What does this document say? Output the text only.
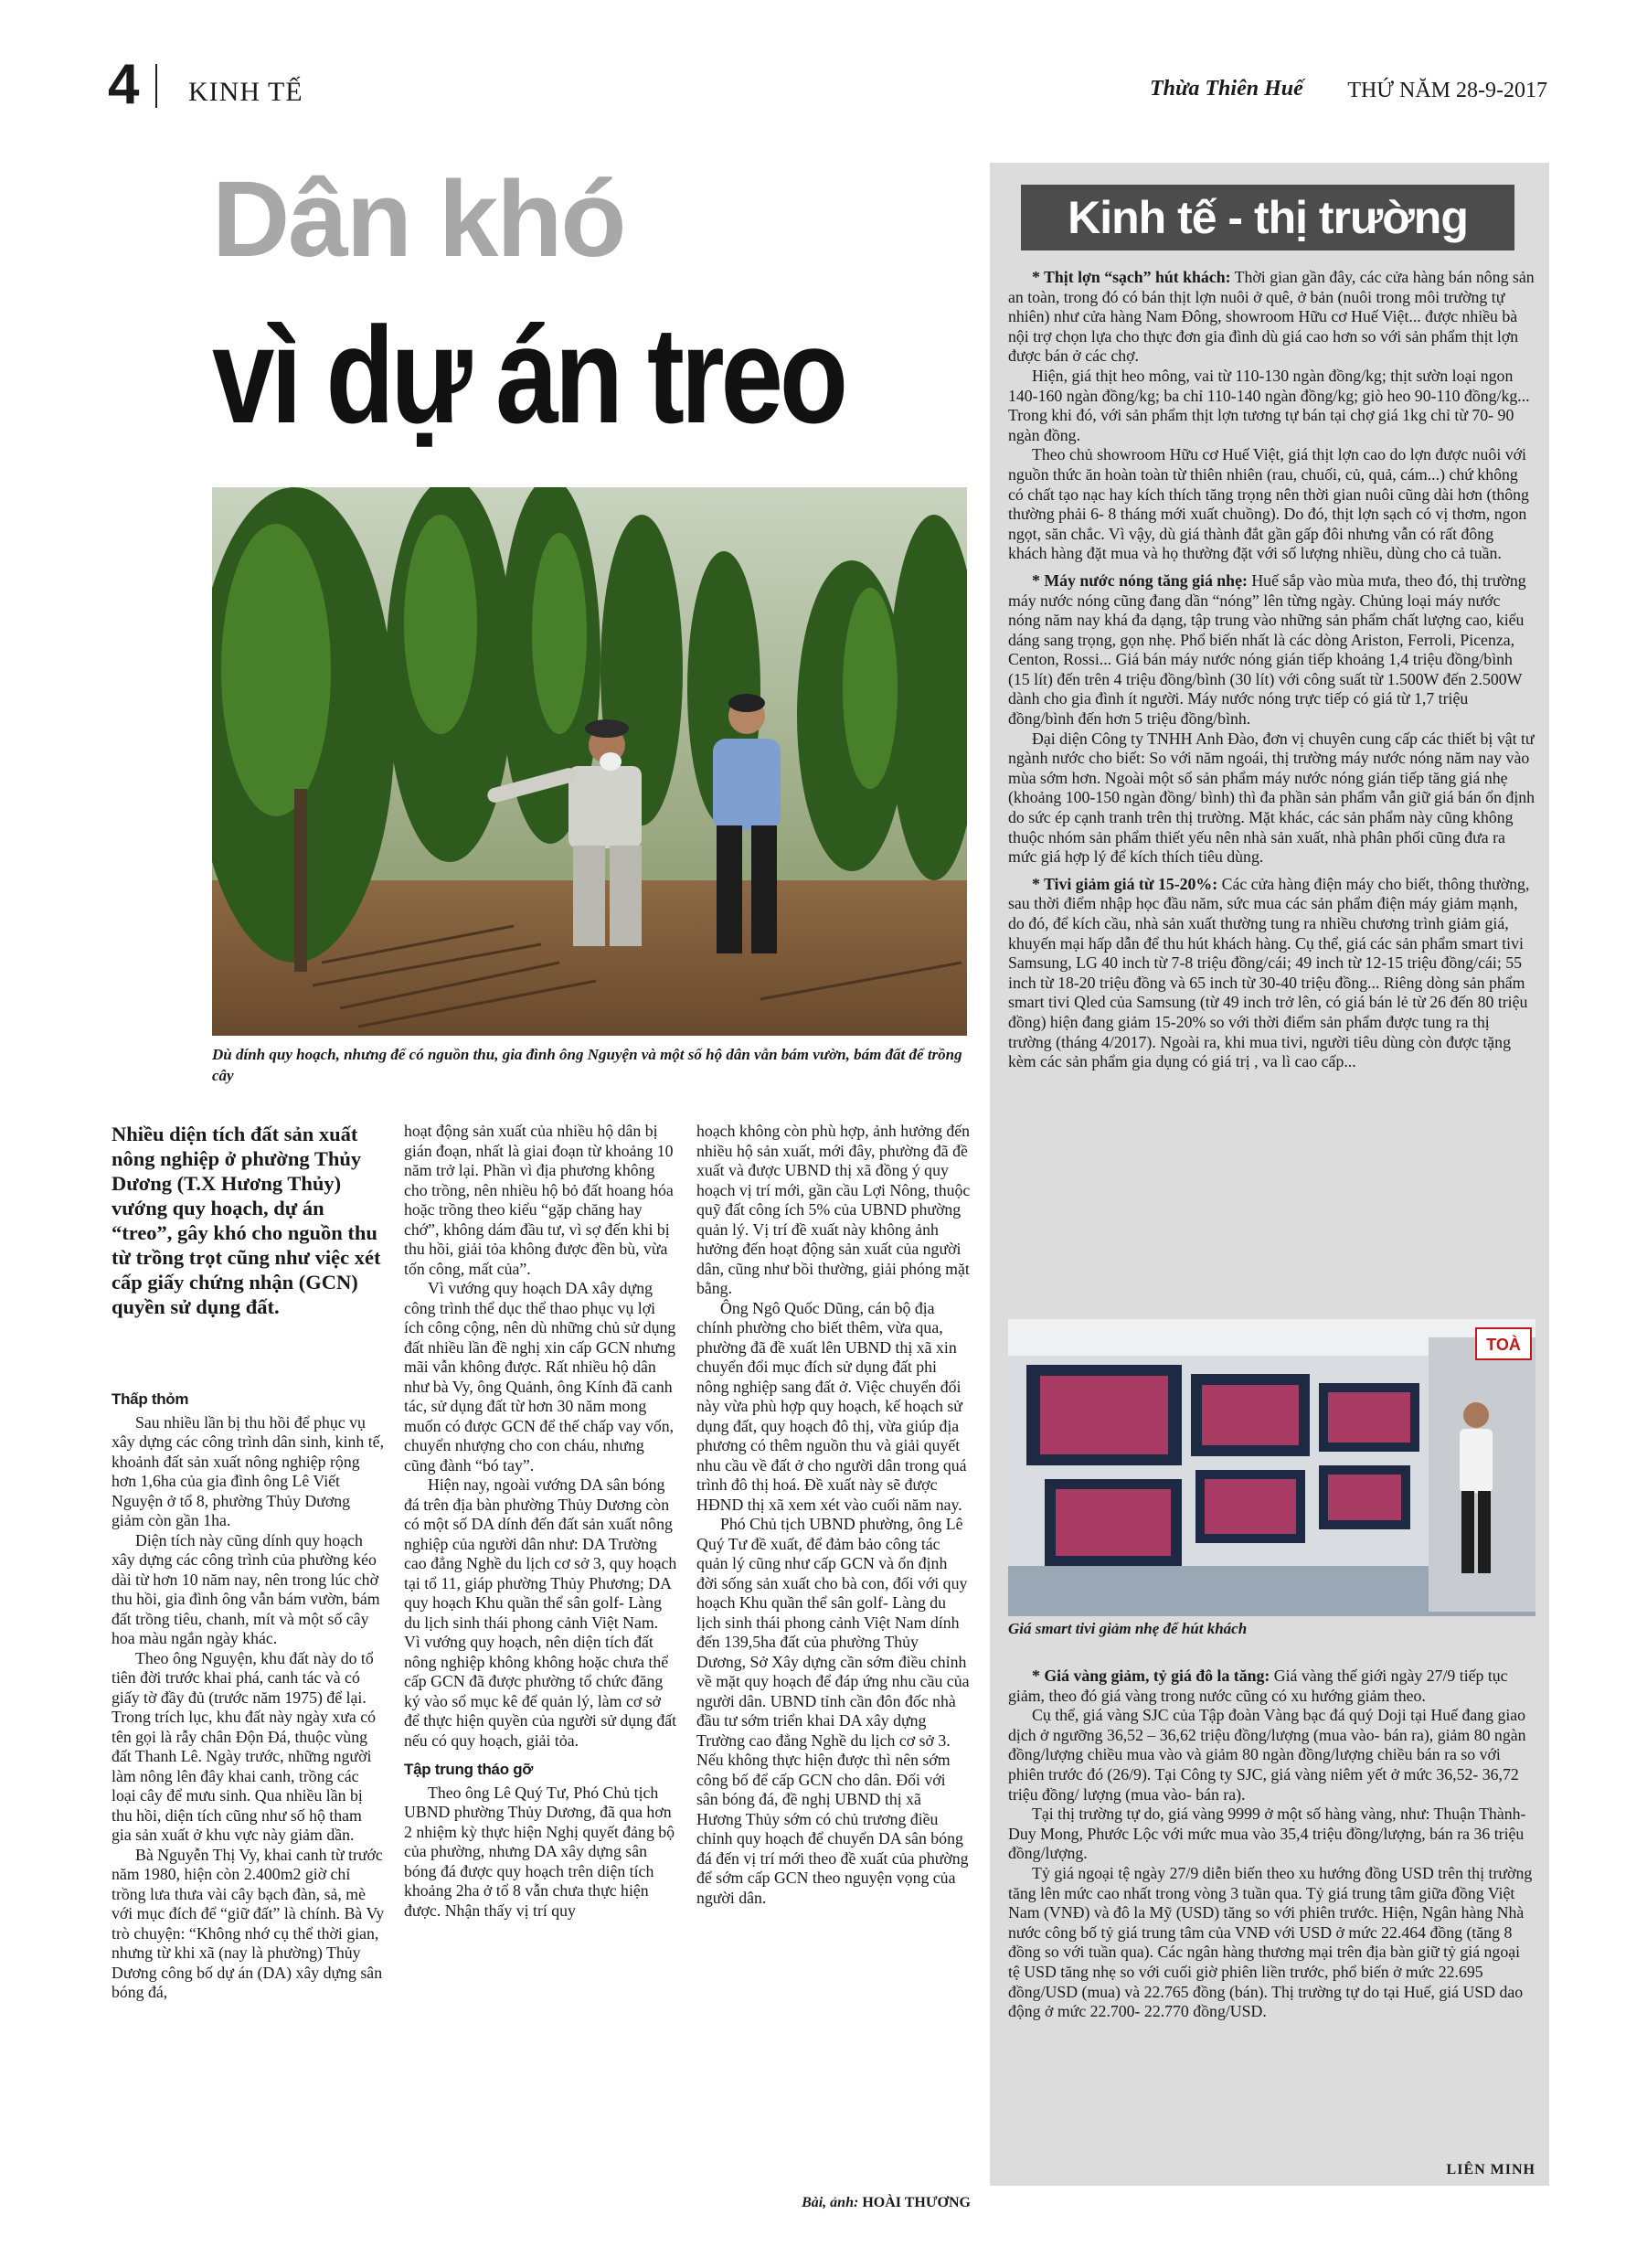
4 KINH TẾ	Thừa Thiên Huế THỨ NĂM 28-9-2017
Dân khó
vì dự án treo
Dù dính quy hoạch, nhưng để có nguồn thu, gia đình ông Nguyện và một số hộ dân vẫn bám vườn, bám đất để trồng cây
Nhiều diện tích đất sản xuất nông nghiệp ở phường Thủy Dương (T.X Hương Thủy) vướng quy hoạch, dự án “treo”, gây khó cho nguồn thu từ trồng trọt cũng như việc xét cấp giấy chứng nhận (GCN) quyền sử dụng đất.
Thấp thỏm

Sau nhiều lần bị thu hồi để phục vụ xây dựng các công trình dân sinh, kinh tế, khoảnh đất sản xuất nông nghiệp rộng hơn 1,6ha của gia đình ông Lê Viết Nguyện ở tổ 8, phường Thủy Dương giảm còn gần 1ha.

Diện tích này cũng dính quy hoạch xây dựng các công trình của phường kéo dài từ hơn 10 năm nay, nên trong lúc chờ thu hồi, gia đình ông vẫn bám vườn, bám đất trồng tiêu, chanh, mít và một số cây hoa màu ngắn ngày khác.

Theo ông Nguyện, khu đất này do tổ tiên đời trước khai phá, canh tác và có giấy tờ đầy đủ (trước năm 1975) để lại. Trong trích lục, khu đất này ngày xưa có tên gọi là rẫy chân Độn Đá, thuộc vùng đất Thanh Lê. Ngày trước, những người làm nông lên đây khai canh, trồng các loại cây để mưu sinh. Qua nhiều lần bị thu hồi, diện tích cũng như số hộ tham gia sản xuất ở khu vực này giảm dần.

Bà Nguyễn Thị Vy, khai canh từ trước năm 1980, hiện còn 2.400m2 giờ chỉ trồng lưa thưa vài cây bạch đàn, sả, mè với mục đích để “giữ đất” là chính. Bà Vy trò chuyện: “Không nhớ cụ thể thời gian, nhưng từ khi xã (nay là phường) Thủy Dương công bố dự án (DA) xây dựng sân bóng đá,

hoạt động sản xuất của nhiều hộ dân bị gián đoạn, nhất là giai đoạn từ khoảng 10 năm trở lại. Phần vì địa phương không cho trồng, nên nhiều hộ bỏ đất hoang hóa hoặc trồng theo kiểu “gặp chăng hay chớ”, không dám đầu tư, vì sợ đến khi bị thu hồi, giải tỏa không được đền bù, vừa tốn công, mất của”.

Vì vướng quy hoạch DA xây dựng công trình thể dục thể thao phục vụ lợi ích công cộng, nên dù những chủ sử dụng đất nhiều lần đề nghị xin cấp GCN nhưng mãi vẫn không được. Rất nhiều hộ dân như bà Vy, ông Quảnh, ông Kính đã canh tác, sử dụng đất từ hơn 30 năm mong muốn có được GCN để thế chấp vay vốn, chuyển nhượng cho con cháu, nhưng cũng đành “bó tay”.

Hiện nay, ngoài vướng DA sân bóng đá trên địa bàn phường Thủy Dương còn có một số DA dính đến đất sản xuất nông nghiệp của người dân như: DA Trường cao đẳng Nghề du lịch cơ sở 3, quy hoạch tại tổ 11, giáp phường Thủy Phương; DA quy hoạch Khu quần thể sân golf- Làng du lịch sinh thái phong cảnh Việt Nam. Vì vướng quy hoạch, nên diện tích đất nông nghiệp không không hoặc chưa thể cấp GCN đã được phường tổ chức đăng ký vào sổ mục kê để quản lý, làm cơ sở để thực hiện quyền của người sử dụng đất nếu có quy hoạch, giải tỏa.

Tập trung tháo gỡ

Theo ông Lê Quý Tư, Phó Chủ tịch UBND phường Thủy Dương, đã qua hơn 2 nhiệm kỳ thực hiện Nghị quyết đảng bộ của phường, nhưng DA xây dựng sân bóng đá được quy hoạch trên diện tích khoảng 2ha ở tổ 8 vẫn chưa thực hiện được. Nhận thấy vị trí quy

hoạch không còn phù hợp, ảnh hưởng đến nhiều hộ sản xuất, mới đây, phường đã đề xuất và được UBND thị xã đồng ý quy hoạch vị trí mới, gần cầu Lợi Nông, thuộc quỹ đất công ích 5% của UBND phường quản lý. Vị trí đề xuất này không ảnh hưởng đến hoạt động sản xuất của người dân, cũng như bồi thường, giải phóng mặt bằng.

Ông Ngô Quốc Dũng, cán bộ địa chính phường cho biết thêm, vừa qua, phường đã đề xuất lên UBND thị xã xin chuyển đổi mục đích sử dụng đất phi nông nghiệp sang đất ở. Việc chuyển đổi này vừa phù hợp quy hoạch, kế hoạch sử dụng đất, quy hoạch đô thị, vừa giúp địa phương có thêm nguồn thu và giải quyết nhu cầu về đất ở cho người dân trong quá trình đô thị hoá. Đề xuất này sẽ được HĐND thị xã xem xét vào cuối năm nay.

Phó Chủ tịch UBND phường, ông Lê Quý Tư đề xuất, để đảm bảo công tác quản lý cũng như cấp GCN và ổn định đời sống sản xuất cho bà con, đối với quy hoạch Khu quần thể sân golf- Làng du lịch sinh thái phong cảnh Việt Nam dính đến 139,5ha đất của phường Thủy Dương, Sở Xây dựng cần sớm điều chỉnh về mặt quy hoạch để đáp ứng nhu cầu của người dân. UBND tỉnh cần đôn đốc nhà đầu tư sớm triển khai DA xây dựng Trường cao đẳng Nghề du lịch cơ sở 3. Nếu không thực hiện được thì nên sớm công bố để cấp GCN cho dân. Đối với sân bóng đá, đề nghị UBND thị xã Hương Thủy sớm có chủ trương điều chỉnh quy hoạch để chuyển DA sân bóng đá đến vị trí mới theo đề xuất của phường để sớm cấp GCN theo nguyện vọng của người dân.

Bài, ảnh: HOÀI THƯƠNG
Kinh tế - thị trường

* Thịt lợn “sạch” hút khách: Thời gian gần đây, các cửa hàng bán nông sản an toàn, trong đó có bán thịt lợn nuôi ở quê, ở bản (nuôi trong môi trường tự nhiên) như cửa hàng Nam Đông, showroom Hữu cơ Huế Việt... được nhiều bà nội trợ chọn lựa cho thực đơn gia đình dù giá cao hơn so với sản phẩm thịt lợn được bán ở các chợ.

Hiện, giá thịt heo mông, vai từ 110-130 ngàn đồng/kg; thịt sườn loại ngon 140-160 ngàn đồng/kg; ba chỉ 110-140 ngàn đồng/kg; giò heo 90-110 đồng/kg... Trong khi đó, với sản phẩm thịt lợn tương tự bán tại chợ giá 1kg chỉ từ 70- 90 ngàn đồng.

Theo chủ showroom Hữu cơ Huế Việt, giá thịt lợn cao do lợn được nuôi với nguồn thức ăn hoàn toàn từ thiên nhiên (rau, chuối, củ, quả, cám...) chứ không có chất tạo nạc hay kích thích tăng trọng nên thời gian nuôi cũng dài hơn (thông thường phải 6- 8 tháng mới xuất chuồng). Do đó, thịt lợn sạch có vị thơm, ngon ngọt, săn chắc. Vì vậy, dù giá thành đắt gần gấp đôi nhưng vẫn có rất đông khách hàng đặt mua và họ thường đặt với số lượng nhiều, dùng cho cả tuần.

* Máy nước nóng tăng giá nhẹ: Huế sắp vào mùa mưa, theo đó, thị trường máy nước nóng cũng đang dần “nóng” lên từng ngày. Chủng loại máy nước nóng năm nay khá đa dạng, tập trung vào những sản phẩm chất lượng cao, kiểu dáng sang trọng, gọn nhẹ. Phổ biến nhất là các dòng Ariston, Ferroli, Picenza, Centon, Rossi... Giá bán máy nước nóng gián tiếp khoảng 1,4 triệu đồng/bình (15 lít) đến trên 4 triệu đồng/bình (30 lít) với công suất từ 1.500W đến 2.500W dành cho gia đình ít người. Máy nước nóng trực tiếp có giá từ 1,7 triệu đồng/bình đến hơn 5 triệu đồng/bình.

Đại diện Công ty TNHH Anh Đào, đơn vị chuyên cung cấp các thiết bị vật tư ngành nước cho biết: So với năm ngoái, thị trường máy nước nóng năm nay vào mùa sớm hơn. Ngoài một số sản phẩm máy nước nóng gián tiếp tăng giá nhẹ (khoảng 100-150 ngàn đồng/ bình) thì đa phần sản phẩm vẫn giữ giá bán ổn định do sức ép cạnh tranh trên thị trường. Mặt khác, các sản phẩm này cũng không thuộc nhóm sản phẩm thiết yếu nên nhà sản xuất, nhà phân phối cũng đưa ra mức giá hợp lý để kích thích tiêu dùng.

* Tivi giảm giá từ 15-20%: Các cửa hàng điện máy cho biết, thông thường, sau thời điểm nhập học đầu năm, sức mua các sản phẩm điện máy giảm mạnh, do đó, để kích cầu, nhà sản xuất thường tung ra nhiều chương trình giảm giá, khuyến mại hấp dẫn để thu hút khách hàng. Cụ thể, giá các sản phẩm smart tivi Samsung, LG 40 inch từ 7-8 triệu đồng/cái; 49 inch từ 12-15 triệu đồng/cái; 55 inch từ 18-20 triệu đồng và 65 inch từ 30-40 triệu đồng... Riêng dòng sản phẩm smart tivi Qled của Samsung (từ 49 inch trở lên, có giá bán lẻ từ 26 đến 80 triệu đồng) hiện đang giảm 15-20% so với thời điểm sản phẩm được tung ra thị trường (tháng 4/2017). Ngoài ra, khi mua tivi, người tiêu dùng còn được tặng kèm các sản phẩm gia dụng có giá trị , va lì cao cấp...

TOÀ
Giá smart tivi giảm nhẹ để hút khách

* Giá vàng giảm, tỷ giá đô la tăng: Giá vàng thế giới ngày 27/9 tiếp tục giảm, theo đó giá vàng trong nước cũng có xu hướng giảm theo.

Cụ thể, giá vàng SJC của Tập đoàn Vàng bạc đá quý Doji tại Huế đang giao dịch ở ngưỡng 36,52 – 36,62 triệu đồng/lượng (mua vào- bán ra), giảm 80 ngàn đồng/lượng chiều mua vào và giảm 80 ngàn đồng/lượng chiều bán ra so với phiên trước đó (26/9). Tại Công ty SJC, giá vàng niêm yết ở mức 36,52- 36,72 triệu đồng/ lượng (mua vào- bán ra).

Tại thị trường tự do, giá vàng 9999 ở một số hàng vàng, như: Thuận Thành-Duy Mong, Phước Lộc với mức mua vào 35,4 triệu đồng/lượng, bán ra 36 triệu đồng/lượng.

Tỷ giá ngoại tệ ngày 27/9 diễn biến theo xu hướng đồng USD trên thị trường tăng lên mức cao nhất trong vòng 3 tuần qua. Tỷ giá trung tâm giữa đồng Việt Nam (VNĐ) và đô la Mỹ (USD) tăng so với phiên trước. Hiện, Ngân hàng Nhà nước công bố tỷ giá trung tâm của VNĐ với USD ở mức 22.464 đồng (tăng 8 đồng so với tuần qua). Các ngân hàng thương mại trên địa bàn giữ tỷ giá ngoại tệ USD tăng nhẹ so với cuối giờ phiên liền trước, phổ biến ở mức 22.695 đồng/USD (mua) và 22.765 đồng (bán). Thị trường tự do tại Huế, giá USD dao động ở mức 22.700- 22.770 đồng/USD.

LIÊN MINH
